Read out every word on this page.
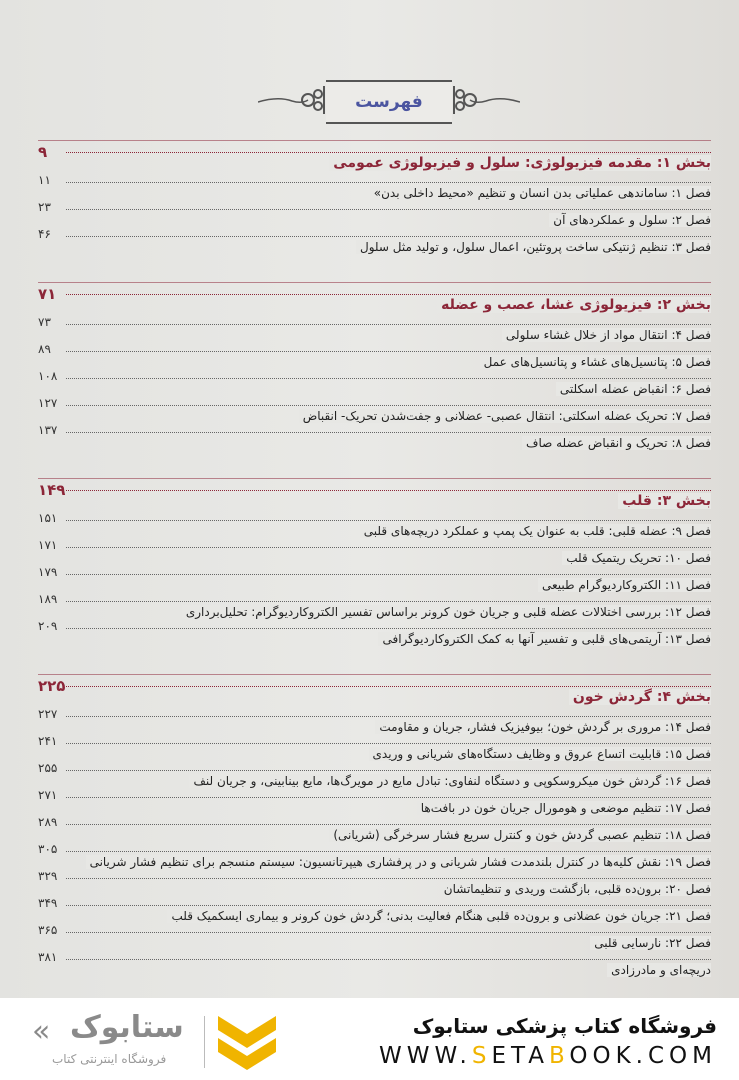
فهرست
۹
بخش ۱: مقدمه فیزیولوژی: سلول و فیزیولوژی عمومی
۱۱
فصل ۱: ساماندهی عملیاتی بدن انسان و تنظیم «محیط داخلی بدن»
۲۳
فصل ۲: سلول و عملکردهای آن
۴۶
فصل ۳: تنظیم ژنتیکی ساخت پروتئین، اعمال سلول، و تولید مثل سلول
۷۱
بخش ۲: فیزیولوژی غشا، عصب و عضله
۷۳
فصل ۴: انتقال مواد از خلال غشاء سلولی
۸۹
فصل ۵: پتانسیل‌های غشاء و پتانسیل‌های عمل
۱۰۸
فصل ۶: انقباض عضله اسکلتی
۱۲۷
فصل ۷: تحریک عضله اسکلتی: انتقال عصبی- عضلانی و جفت‌شدن تحریک- انقباض
۱۳۷
فصل ۸: تحریک و انقباض عضله صاف
۱۴۹
بخش ۳: قلب
۱۵۱
فصل ۹: عضله قلبی: قلب به عنوان یک پمپ و عملکرد دریچه‌های قلبی
۱۷۱
فصل ۱۰: تحریک ریتمیک قلب
۱۷۹
فصل ۱۱: الکتروکاردیوگرام طبیعی
۱۸۹
فصل ۱۲: بررسی اختلالات عضله قلبی و جریان خون کرونر براساس تفسیر الکتروکاردیوگرام: تحلیل‌برداری
۲۰۹
فصل ۱۳: آریتمی‌های قلبی و تفسیر آنها به کمک الکتروکاردیوگرافی
۲۲۵
بخش ۴: گردش خون
۲۲۷
فصل ۱۴: مروری بر گردش خون؛ بیوفیزیک فشار، جریان و مقاومت
۲۴۱
فصل ۱۵: قابلیت اتساع عروق و وظایف دستگاه‌های شریانی و وریدی
۲۵۵
فصل ۱۶: گردش خون میکروسکوپی و دستگاه لنفاوی: تبادل مایع در مویرگ‌ها، مایع بینابینی، و جریان لنف
۲۷۱
فصل ۱۷: تنظیم موضعی و هومورال جریان خون در بافت‌ها
۲۸۹
فصل ۱۸: تنظیم عصبی گردش خون و کنترل سریع فشار سرخرگی (شریانی)
۳۰۵
فصل ۱۹: نقش کلیه‌ها در کنترل بلندمدت فشار شریانی و در پرفشاری هیپرتانسیون: سیستم منسجم برای تنظیم فشار شریانی
۳۲۹
فصل ۲۰: برون‌ده قلبی، بازگشت وریدی و تنظیماتشان
۳۴۹
فصل ۲۱: جریان خون عضلانی و برون‌ده قلبی هنگام فعالیت بدنی؛ گردش خون کرونر و بیماری ایسکمیک قلب
۳۶۵
فصل ۲۲: نارسایی قلبی
۳۸۱
دریچه‌ای و مادرزادی
« ستابوک
فروشگاه اینترنتی کتاب
فروشگاه کتاب پزشکی ستابوک
WWW.SETABOOK.COM
